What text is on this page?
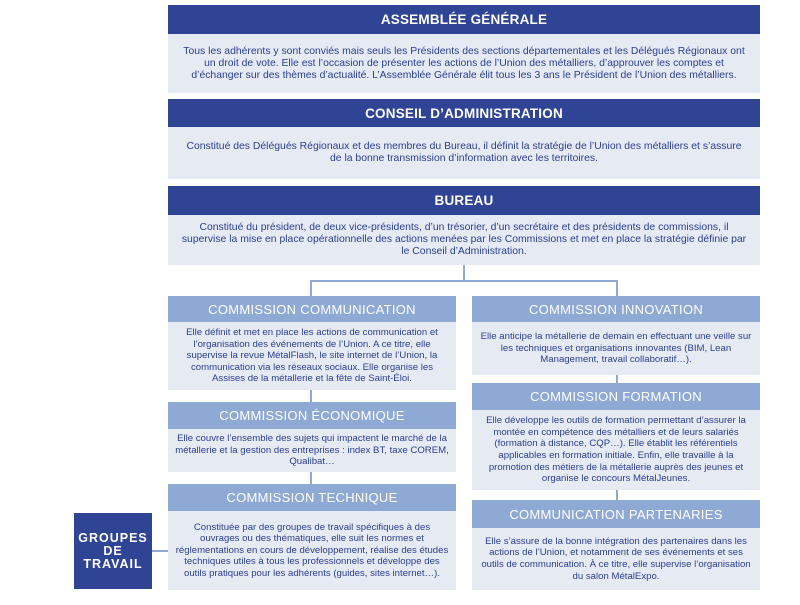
ASSEMBLÉE GÉNÉRALE
Tous les adhérents y sont conviés mais seuls les Présidents des sections départementales et les Délégués Régionaux ont un droit de vote. Elle est l’occasion de présenter les actions de l’Union des métalliers, d’approuver les comptes et d’échanger sur des thèmes d’actualité. L’Assemblée Générale élit tous les 3 ans le Président de l’Union des métalliers.
CONSEIL D’ADMINISTRATION
Constitué des Délégués Régionaux et des membres du Bureau, il définit la stratégie de l’Union des métalliers et s’assure de la bonne transmission d’information avec les territoires.
BUREAU
Constitué du président, de deux vice-présidents, d’un trésorier, d’un secrétaire et des présidents de commissions, il supervise la mise en place opérationnelle des actions menées par les Commissions et met en place la stratégie définie par le Conseil d’Administration.
COMMISSION COMMUNICATION
Elle définit et met en place les actions de communication et l’organisation des événements de l’Union. A ce titre, elle supervise la revue MétalFlash, le site internet de l’Union, la communication via les réseaux sociaux. Elle organise les Assises de la métallerie et la fête de Saint-Éloi.
COMMISSION ÉCONOMIQUE
Elle couvre l’ensemble des sujets qui impactent le marché de la métallerie et la gestion des entreprises : index BT, taxe COREM, Qualibat…
COMMISSION TECHNIQUE
Constituée par des groupes de travail spécifiques à des ouvrages ou des thématiques, elle suit les normes et réglementations en cours de développement, réalise des études techniques utiles à tous les professionnels et développe des outils pratiques pour les adhérents (guides, sites internet…).
COMMISSION INNOVATION
Elle anticipe la métallerie de demain en effectuant une veille sur les techniques et organisations innovantes (BIM, Lean Management, travail collaboratif…).
COMMISSION FORMATION
Elle développe les outils de formation permettant d’assurer la montée en compétence des métalliers et de leurs salariés (formation à distance, CQP…). Elle établit les référentiels applicables en formation initiale. Enfin, elle travaille à la promotion des métiers de la métallerie auprès des jeunes et organise le concours MétalJeunes.
COMMUNICATION PARTENARIES
Elle s’assure de la bonne intégration des partenaires dans les actions de l’Union, et notamment de ses événements et ses outils de communication. À ce titre, elle supervise l’organisation du salon MétalExpo.
GROUPES
DE
TRAVAIL
